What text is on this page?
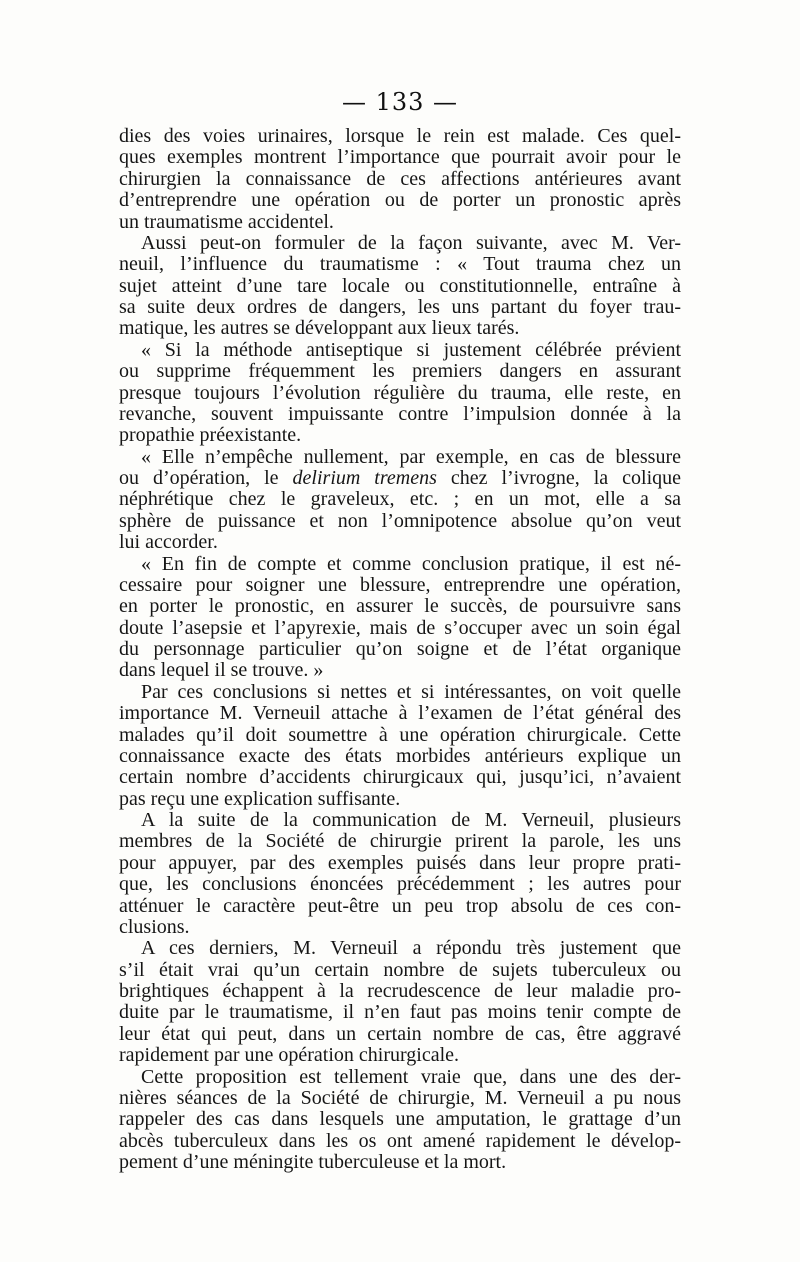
— 133 —
dies des voies urinaires, lorsque le rein est malade. Ces quel-
ques exemples montrent l’importance que pourrait avoir pour le
chirurgien la connaissance de ces affections antérieures avant
d’entreprendre une opération ou de porter un pronostic après
un traumatisme accidentel.
Aussi peut-on formuler de la façon suivante, avec M. Ver-
neuil, l’influence du traumatisme : « Tout trauma chez un
sujet atteint d’une tare locale ou constitutionnelle, entraîne à
sa suite deux ordres de dangers, les uns partant du foyer trau-
matique, les autres se développant aux lieux tarés.
« Si la méthode antiseptique si justement célébrée prévient
ou supprime fréquemment les premiers dangers en assurant
presque toujours l’évolution régulière du trauma, elle reste, en
revanche, souvent impuissante contre l’impulsion donnée à la
propathie préexistante.
« Elle n’empêche nullement, par exemple, en cas de blessure
ou d’opération, le delirium tremens chez l’ivrogne, la colique
néphrétique chez le graveleux, etc. ; en un mot, elle a sa
sphère de puissance et non l’omnipotence absolue qu’on veut
lui accorder.
« En fin de compte et comme conclusion pratique, il est né-
cessaire pour soigner une blessure, entreprendre une opération,
en porter le pronostic, en assurer le succès, de poursuivre sans
doute l’asepsie et l’apyrexie, mais de s’occuper avec un soin égal
du personnage particulier qu’on soigne et de l’état organique
dans lequel il se trouve. »
Par ces conclusions si nettes et si intéressantes, on voit quelle
importance M. Verneuil attache à l’examen de l’état général des
malades qu’il doit soumettre à une opération chirurgicale. Cette
connaissance exacte des états morbides antérieurs explique un
certain nombre d’accidents chirurgicaux qui, jusqu’ici, n’avaient
pas reçu une explication suffisante.
A la suite de la communication de M. Verneuil, plusieurs
membres de la Société de chirurgie prirent la parole, les uns
pour appuyer, par des exemples puisés dans leur propre prati-
que, les conclusions énoncées précédemment ; les autres pour
atténuer le caractère peut-être un peu trop absolu de ces con-
clusions.
A ces derniers, M. Verneuil a répondu très justement que
s’il était vrai qu’un certain nombre de sujets tuberculeux ou
brightiques échappent à la recrudescence de leur maladie pro-
duite par le traumatisme, il n’en faut pas moins tenir compte de
leur état qui peut, dans un certain nombre de cas, être aggravé
rapidement par une opération chirurgicale.
Cette proposition est tellement vraie que, dans une des der-
nières séances de la Société de chirurgie, M. Verneuil a pu nous
rappeler des cas dans lesquels une amputation, le grattage d’un
abcès tuberculeux dans les os ont amené rapidement le dévelop-
pement d’une méningite tuberculeuse et la mort.
